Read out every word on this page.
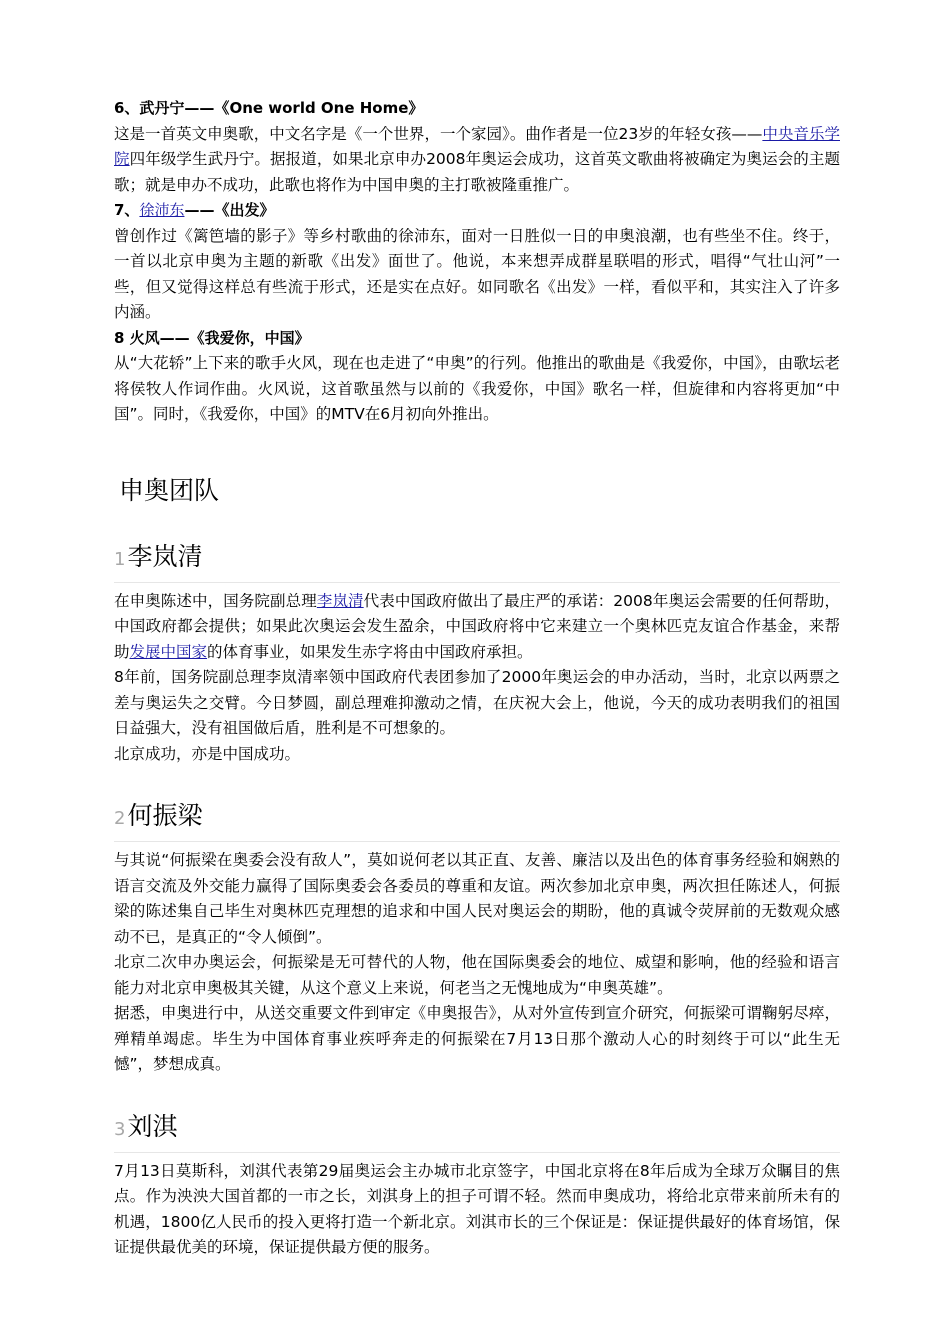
6、武丹宁——《One world One Home》

这是一首英文申奥歌，中文名字是《一个世界，一个家园》。曲作者是一位23岁的年轻女孩——中央音乐学院四年级学生武丹宁。据报道，如果北京申办2008年奥运会成功，这首英文歌曲将被确定为奥运会的主题歌；就是申办不成功，此歌也将作为中国申奥的主打歌被隆重推广。

7、徐沛东——《出发》

曾创作过《篱笆墙的影子》等乡村歌曲的徐沛东，面对一日胜似一日的申奥浪潮，也有些坐不住。终于，一首以北京申奥为主题的新歌《出发》面世了。他说，本来想弄成群星联唱的形式，唱得“气壮山河”一些，但又觉得这样总有些流于形式，还是实在点好。如同歌名《出发》一样，看似平和，其实注入了许多内涵。

8 火风——《我爱你，中国》

从“大花轿”上下来的歌手火风，现在也走进了“申奥”的行列。他推出的歌曲是《我爱你，中国》，由歌坛老将侯牧人作词作曲。火风说，这首歌虽然与以前的《我爱你，中国》歌名一样，但旋律和内容将更加“中国”。同时，《我爱你，中国》的MTV在6月初向外推出。

申奥团队
1李岚清

在申奥陈述中，国务院副总理李岚清代表中国政府做出了最庄严的承诺：2008年奥运会需要的任何帮助，中国政府都会提供；如果此次奥运会发生盈余，中国政府将中它来建立一个奥林匹克友谊合作基金，来帮助发展中国家的体育事业，如果发生赤字将由中国政府承担。

8年前，国务院副总理李岚清率领中国政府代表团参加了2000年奥运会的申办活动，当时，北京以两票之差与奥运失之交臂。今日梦圆，副总理难抑激动之情，在庆祝大会上，他说，今天的成功表明我们的祖国日益强大，没有祖国做后盾，胜利是不可想象的。

北京成功，亦是中国成功。

2何振梁

与其说“何振梁在奥委会没有敌人”，莫如说何老以其正直、友善、廉洁以及出色的体育事务经验和娴熟的语言交流及外交能力赢得了国际奥委会各委员的尊重和友谊。两次参加北京申奥，两次担任陈述人，何振梁的陈述集自己毕生对奥林匹克理想的追求和中国人民对奥运会的期盼，他的真诚令荧屏前的无数观众感动不已，是真正的“令人倾倒”。

北京二次申办奥运会，何振梁是无可替代的人物，他在国际奥委会的地位、威望和影响，他的经验和语言能力对北京申奥极其关键，从这个意义上来说，何老当之无愧地成为“申奥英雄”。

据悉，申奥进行中，从送交重要文件到审定《申奥报告》，从对外宣传到宣介研究，何振梁可谓鞠躬尽瘁，殚精单竭虑。毕生为中国体育事业疾呼奔走的何振梁在7月13日那个激动人心的时刻终于可以“此生无憾”，梦想成真。

3刘淇

7月13日莫斯科，刘淇代表第29届奥运会主办城市北京签字，中国北京将在8年后成为全球万众瞩目的焦点。作为泱泱大国首都的一市之长，刘淇身上的担子可谓不轻。然而申奥成功，将给北京带来前所未有的机遇，1800亿人民币的投入更将打造一个新北京。刘淇市长的三个保证是：保证提供最好的体育场馆，保证提供最优美的环境，保证提供最方便的服务。
